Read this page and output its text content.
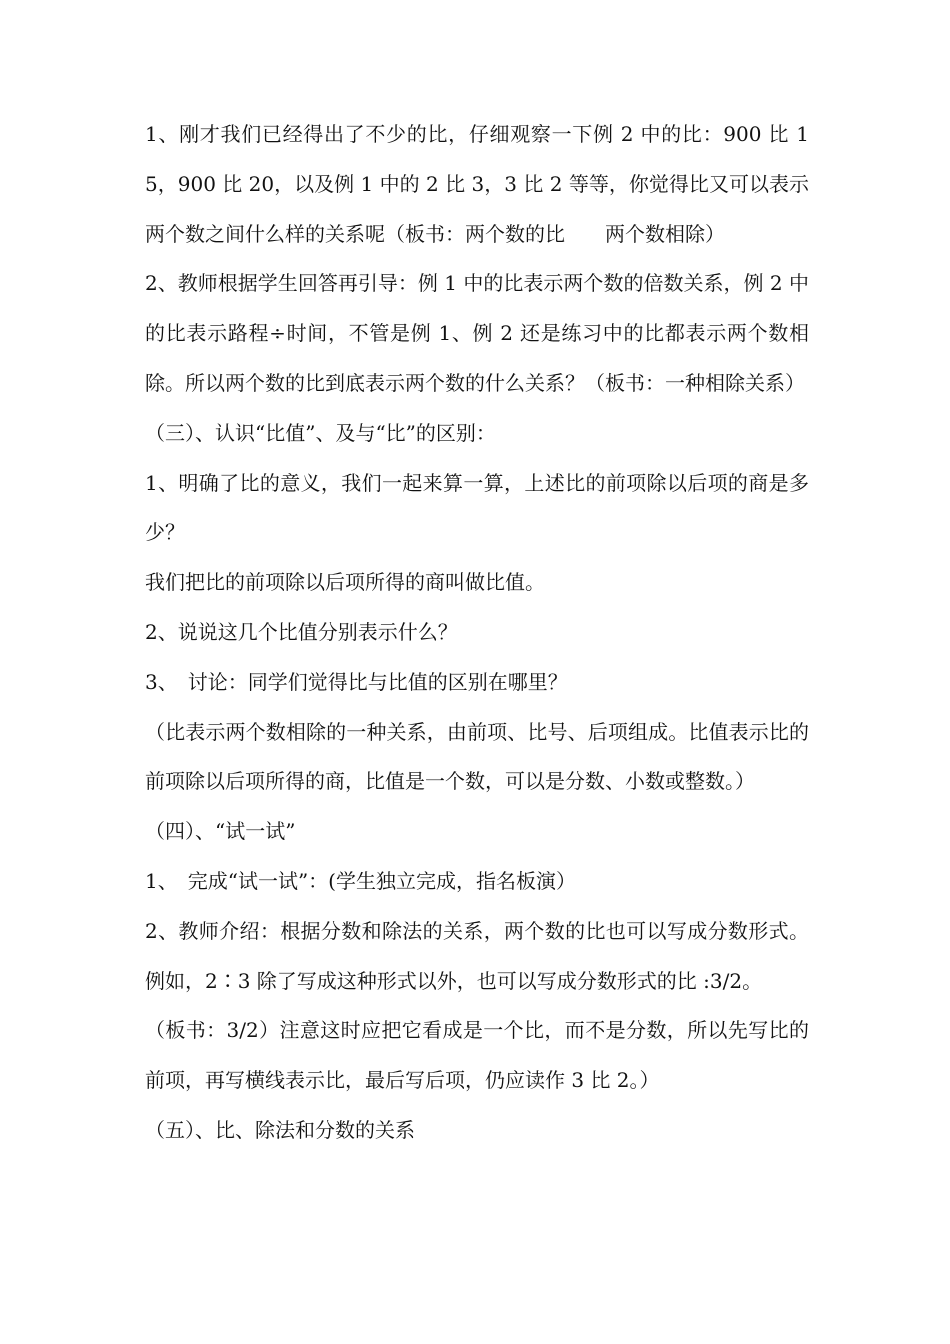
1、刚才我们已经得出了不少的比，仔细观察一下例 2 中的比：900 比 15，900 比 20，以及例 1 中的 2 比 3，3 比 2 等等，你觉得比又可以表示两个数之间什么样的关系呢（板书：两个数的比　　两个数相除）

2、教师根据学生回答再引导：例 1 中的比表示两个数的倍数关系，例 2 中的比表示路程÷时间，不管是例 1、例 2 还是练习中的比都表示两个数相除。所以两个数的比到底表示两个数的什么关系？（板书：一种相除关系）

（三）、认识“比值”、及与“比”的区别：

1、明确了比的意义，我们一起来算一算，上述比的前项除以后项的商是多少？

我们把比的前项除以后项所得的商叫做比值。

2、说说这几个比值分别表示什么？

3、　讨论：同学们觉得比与比值的区别在哪里？

（比表示两个数相除的一种关系，由前项、比号、后项组成。比值表示比的前项除以后项所得的商，比值是一个数，可以是分数、小数或整数。）

（四）、“试一试”

1、　完成“试一试”：(学生独立完成，指名板演）

2、教师介绍：根据分数和除法的关系，两个数的比也可以写成分数形式。例如，2∶3 除了写成这种形式以外，也可以写成分数形式的比 :3/2。

（板书：3/2）注意这时应把它看成是一个比，而不是分数，所以先写比的前项，再写横线表示比，最后写后项，仍应读作 3 比 2。）

（五）、比、除法和分数的关系
